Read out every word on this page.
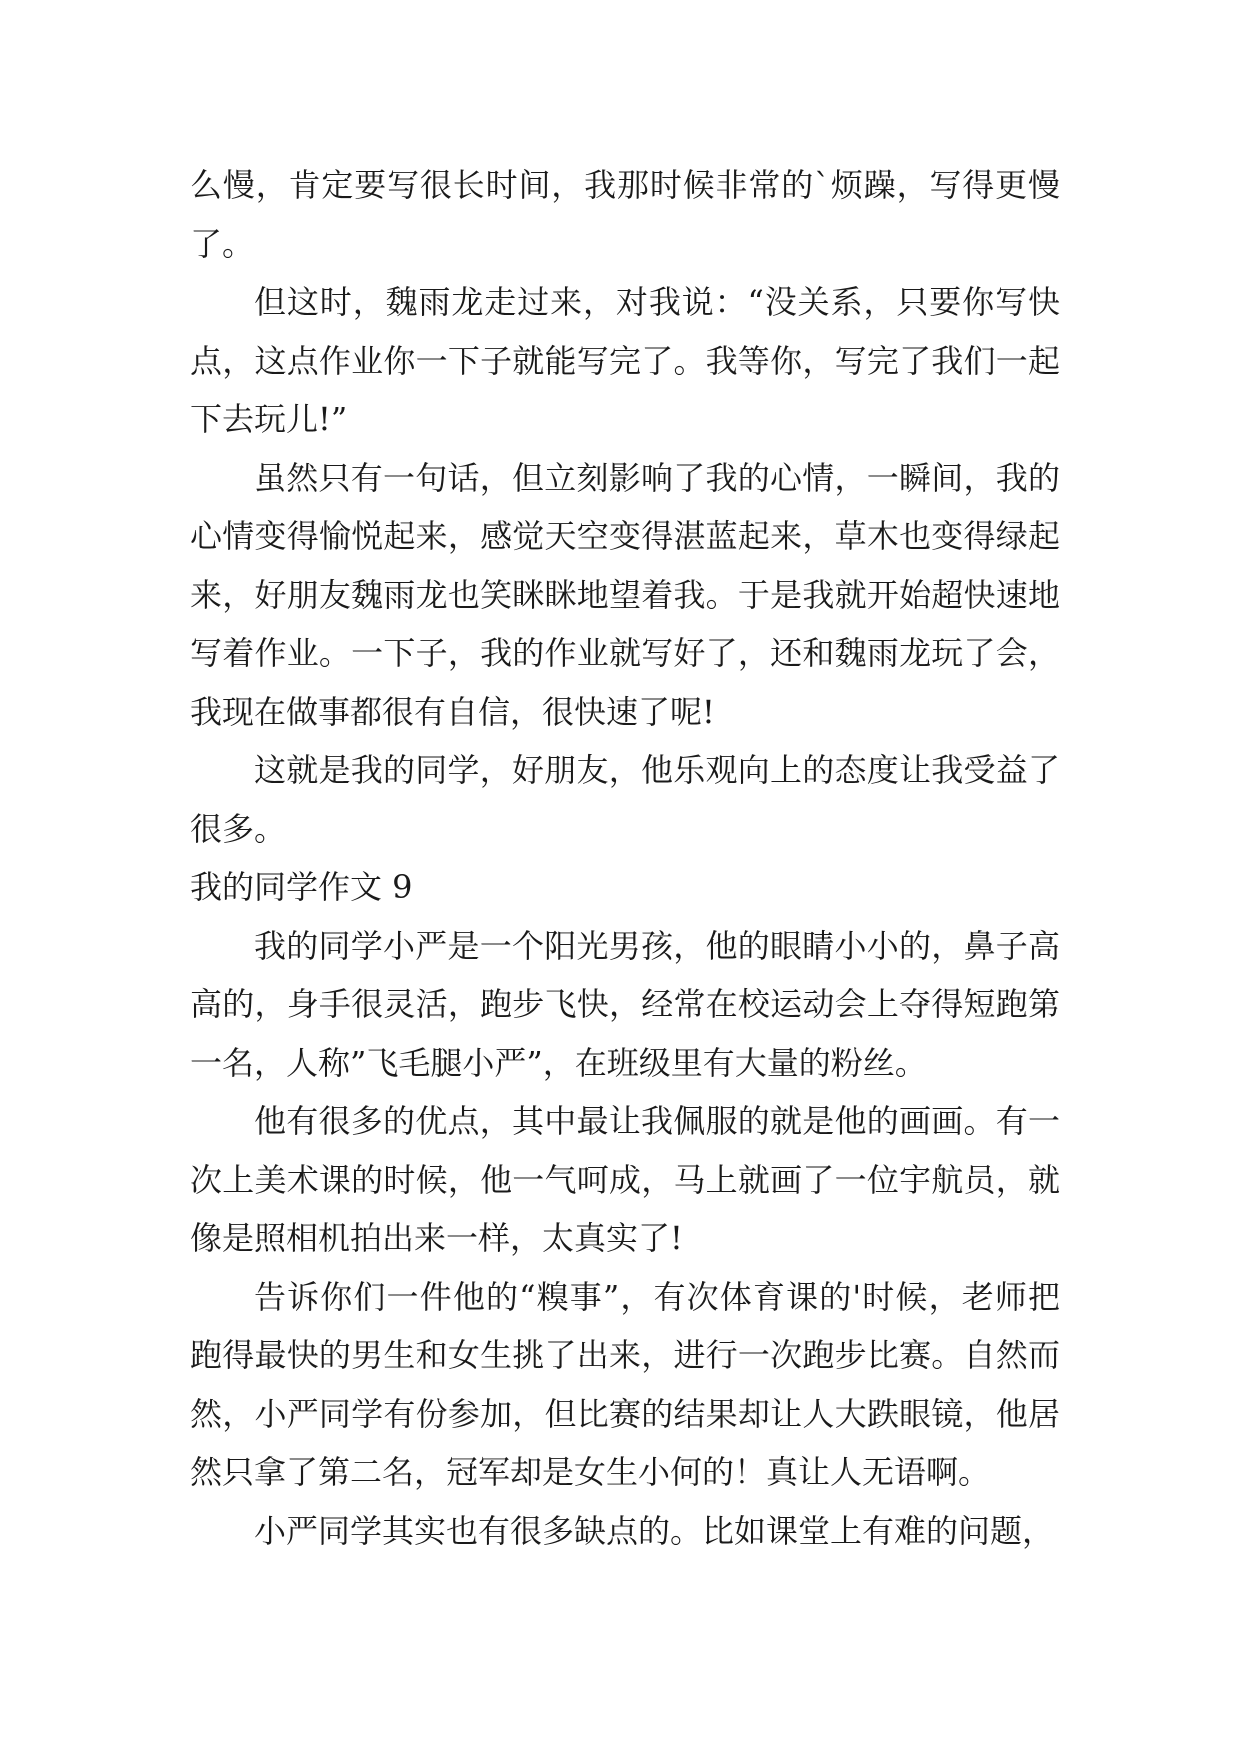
么慢，肯定要写很长时间，我那时候非常的`烦躁，写得更慢了。

但这时，魏雨龙走过来，对我说：“没关系，只要你写快点，这点作业你一下子就能写完了。我等你，写完了我们一起下去玩儿!”

虽然只有一句话，但立刻影响了我的心情，一瞬间，我的心情变得愉悦起来，感觉天空变得湛蓝起来，草木也变得绿起来，好朋友魏雨龙也笑眯眯地望着我。于是我就开始超快速地写着作业。一下子，我的作业就写好了，还和魏雨龙玩了会，我现在做事都很有自信，很快速了呢!

这就是我的同学，好朋友，他乐观向上的态度让我受益了很多。

我的同学作文 9

我的同学小严是一个阳光男孩，他的眼睛小小的，鼻子高高的，身手很灵活，跑步飞快，经常在校运动会上夺得短跑第一名，人称”飞毛腿小严”，在班级里有大量的粉丝。

他有很多的优点，其中最让我佩服的就是他的画画。有一次上美术课的时候，他一气呵成，马上就画了一位宇航员，就像是照相机拍出来一样，太真实了!

告诉你们一件他的“糗事”，有次体育课的'时候，老师把跑得最快的男生和女生挑了出来，进行一次跑步比赛。自然而然，小严同学有份参加，但比赛的结果却让人大跌眼镜，他居然只拿了第二名，冠军却是女生小何的！真让人无语啊。

小严同学其实也有很多缺点的。比如课堂上有难的问题，
